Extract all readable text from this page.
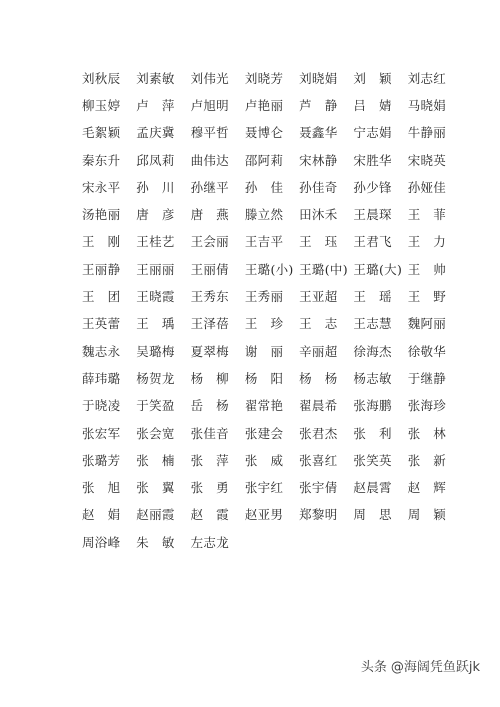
刘秋辰	刘素敏	刘伟光	刘晓芳	刘晓娟	刘　颖	刘志红
柳玉婷	卢　萍	卢旭明	卢艳丽	芦　静	吕　婧	马晓娟
毛絮颖	孟庆冀	穆平哲	聂博仑	聂鑫华	宁志娟	牛静丽
秦东升	邱凤莉	曲伟达	邵阿莉	宋林静	宋胜华	宋晓英
宋永平	孙　川	孙继平	孙　佳	孙佳奇	孙少锋	孙娅佳
汤艳丽	唐　彦	唐　燕	滕立然	田沐禾	王晨琛	王　菲
王　刚	王桂艺	王会丽	王吉平	王　珏	王君飞	王　力
王丽静	王丽丽	王丽倩	王璐(小) 王璐(中) 王璐(大) 王　帅
王　团	王晓霞	王秀东	王秀丽	王亚超	王　瑶	王　野
王英蕾	王　瑀	王泽蓓	王　珍	王　志	王志慧	魏阿丽
魏志永	吴璐梅	夏翠梅	谢　丽	辛丽超	徐海杰	徐敬华
薛玮璐	杨贺龙	杨　柳	杨　阳	杨　杨	杨志敏	于继静
于晓凌	于笑盈	岳　杨	翟常艳	翟晨希	张海鹏	张海珍
张宏军	张会宽	张佳音	张建会	张君杰	张　利	张　林
张璐芳	张　楠	张　萍	张　威	张喜红	张笑英	张　新
张　旭	张　翼	张　勇	张宇红	张宇倩	赵晨霄	赵　辉
赵　娟	赵丽霞	赵　霞	赵亚男	郑黎明	周　思	周　颖
周浴峰	朱　敏	左志龙
头条 @海阔凭鱼跃jk
